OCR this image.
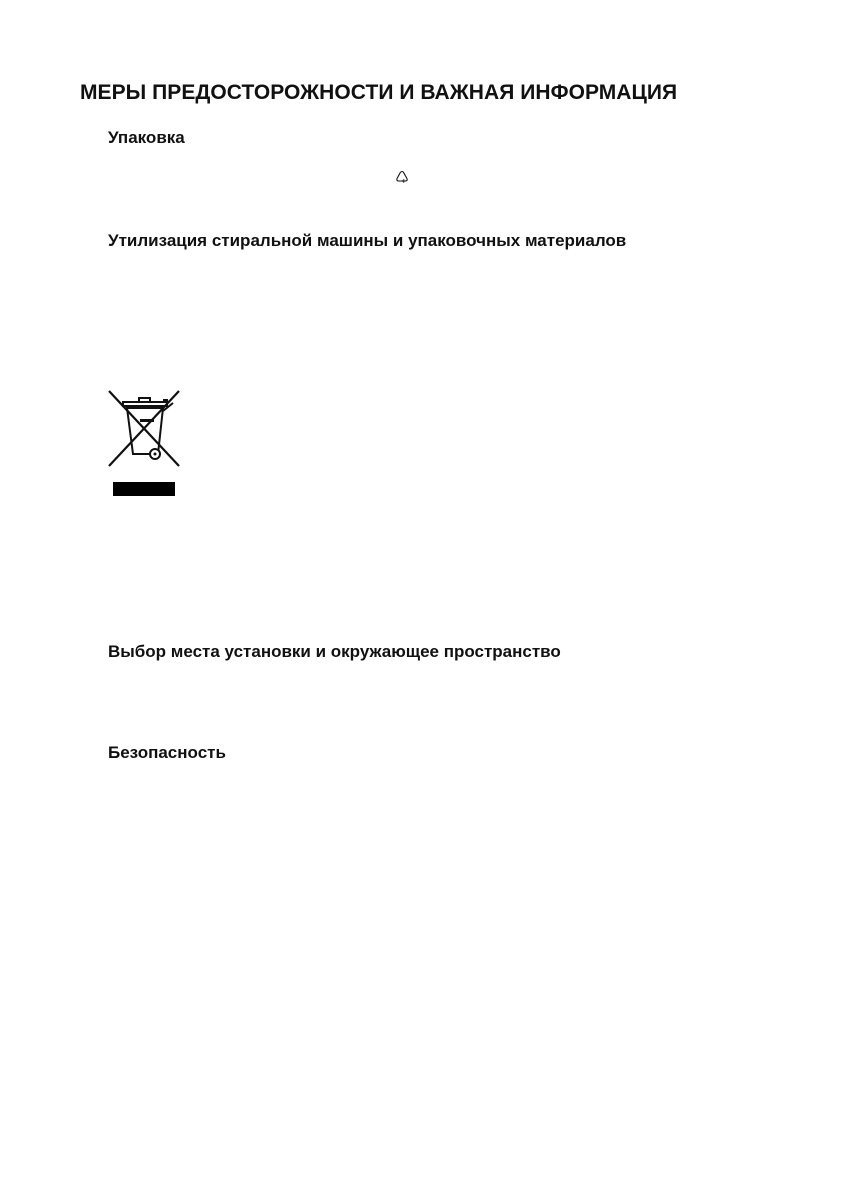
МЕРЫ ПРЕДОСТОРОЖНОСТИ И ВАЖНАЯ ИНФОРМАЦИЯ
Упаковка
Утилизация стиральной машины и упаковочных материалов
Выбор места установки и окружающее пространство
Безопасность
